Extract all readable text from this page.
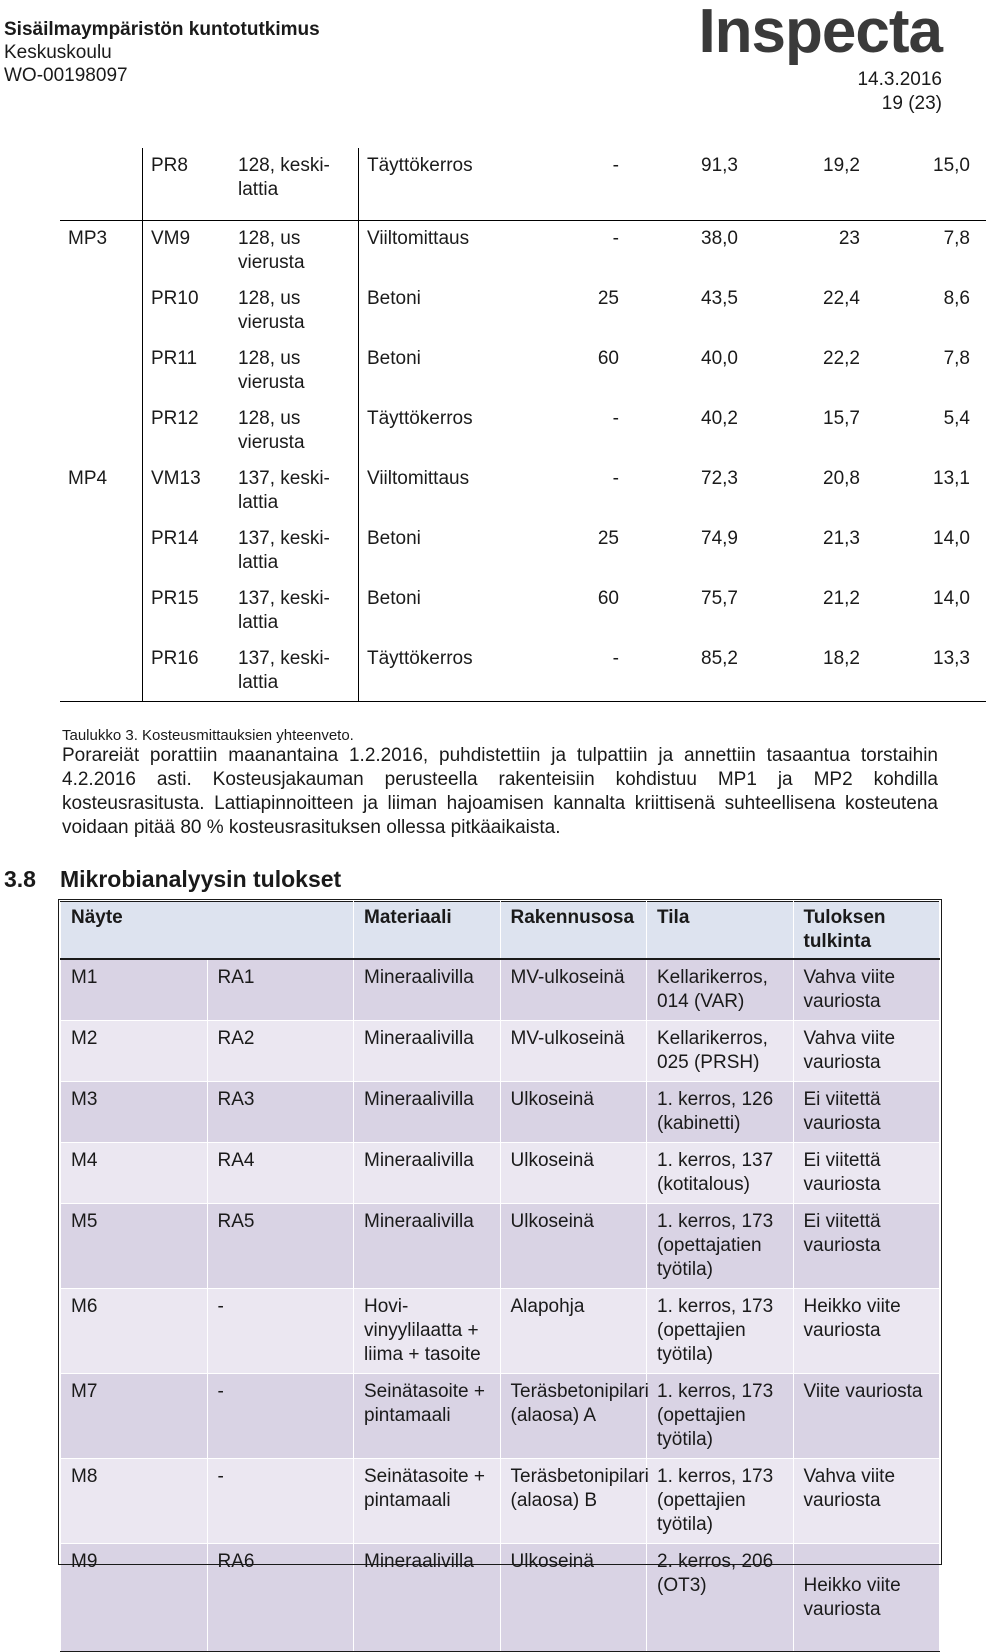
Sisäilmaympäristön kuntotutkimus
Keskuskoulu
WO-00198097
Inspecta
14.3.2016
19 (23)
	PR8	128, keski-lattia	Täyttökerros	-	91,3	19,2	15,0
MP3	VM9	128, us vierusta	Viiltomittaus	-	38,0	23	7,8
	PR10	128, us vierusta	Betoni	25	43,5	22,4	8,6
	PR11	128, us vierusta	Betoni	60	40,0	22,2	7,8
	PR12	128, us vierusta	Täyttökerros	-	40,2	15,7	5,4
MP4	VM13	137, keski-lattia	Viiltomittaus	-	72,3	20,8	13,1
	PR14	137, keski-lattia	Betoni	25	74,9	21,3	14,0
	PR15	137, keski-lattia	Betoni	60	75,7	21,2	14,0
	PR16	137, keski-lattia	Täyttökerros	-	85,2	18,2	13,3
Taulukko 3. Kosteusmittauksien yhteenveto.
Porareiät porattiin maanantaina 1.2.2016, puhdistettiin ja tulpattiin ja annettiin tasaantua torstaihin 4.2.2016 asti. Kosteusjakauman perusteella rakenteisiin kohdistuu MP1 ja MP2 kohdilla kosteusrasitusta. Lattiapinnoitteen ja liiman hajoamisen kannalta kriittisenä suhteellisena kosteutena voidaan pitää 80 % kosteusrasituksen ollessa pitkäaikaista.
3.8 Mikrobianalyysin tulokset
Näyte		Materiaali	Rakennusosa	Tila	Tuloksen tulkinta
M1	RA1	Mineraalivilla	MV-ulkoseinä	Kellarikerros, 014 (VAR)	Vahva viite vauriosta
M2	RA2	Mineraalivilla	MV-ulkoseinä	Kellarikerros, 025 (PRSH)	Vahva viite vauriosta
M3	RA3	Mineraalivilla	Ulkoseinä	1. kerros, 126 (kabinetti)	Ei viitettä vauriosta
M4	RA4	Mineraalivilla	Ulkoseinä	1. kerros, 137 (kotitalous)	Ei viitettä vauriosta
M5	RA5	Mineraalivilla	Ulkoseinä	1. kerros, 173 (opettajatien työtila)	Ei viitettä vauriosta
M6	-	Hovi-vinyylilaatta + liima + tasoite	Alapohja	1. kerros, 173 (opettajien työtila)	Heikko viite vauriosta
M7	-	Seinätasoite + pintamaali	Teräsbetonipilari (alaosa) A	1. kerros, 173 (opettajien työtila)	Viite vauriosta
M8	-	Seinätasoite + pintamaali	Teräsbetonipilari (alaosa) B	1. kerros, 173 (opettajien työtila)	Vahva viite vauriosta
M9	RA6	Mineraalivilla	Ulkoseinä	2. kerros, 206 (OT3)	Heikko viite vauriosta
